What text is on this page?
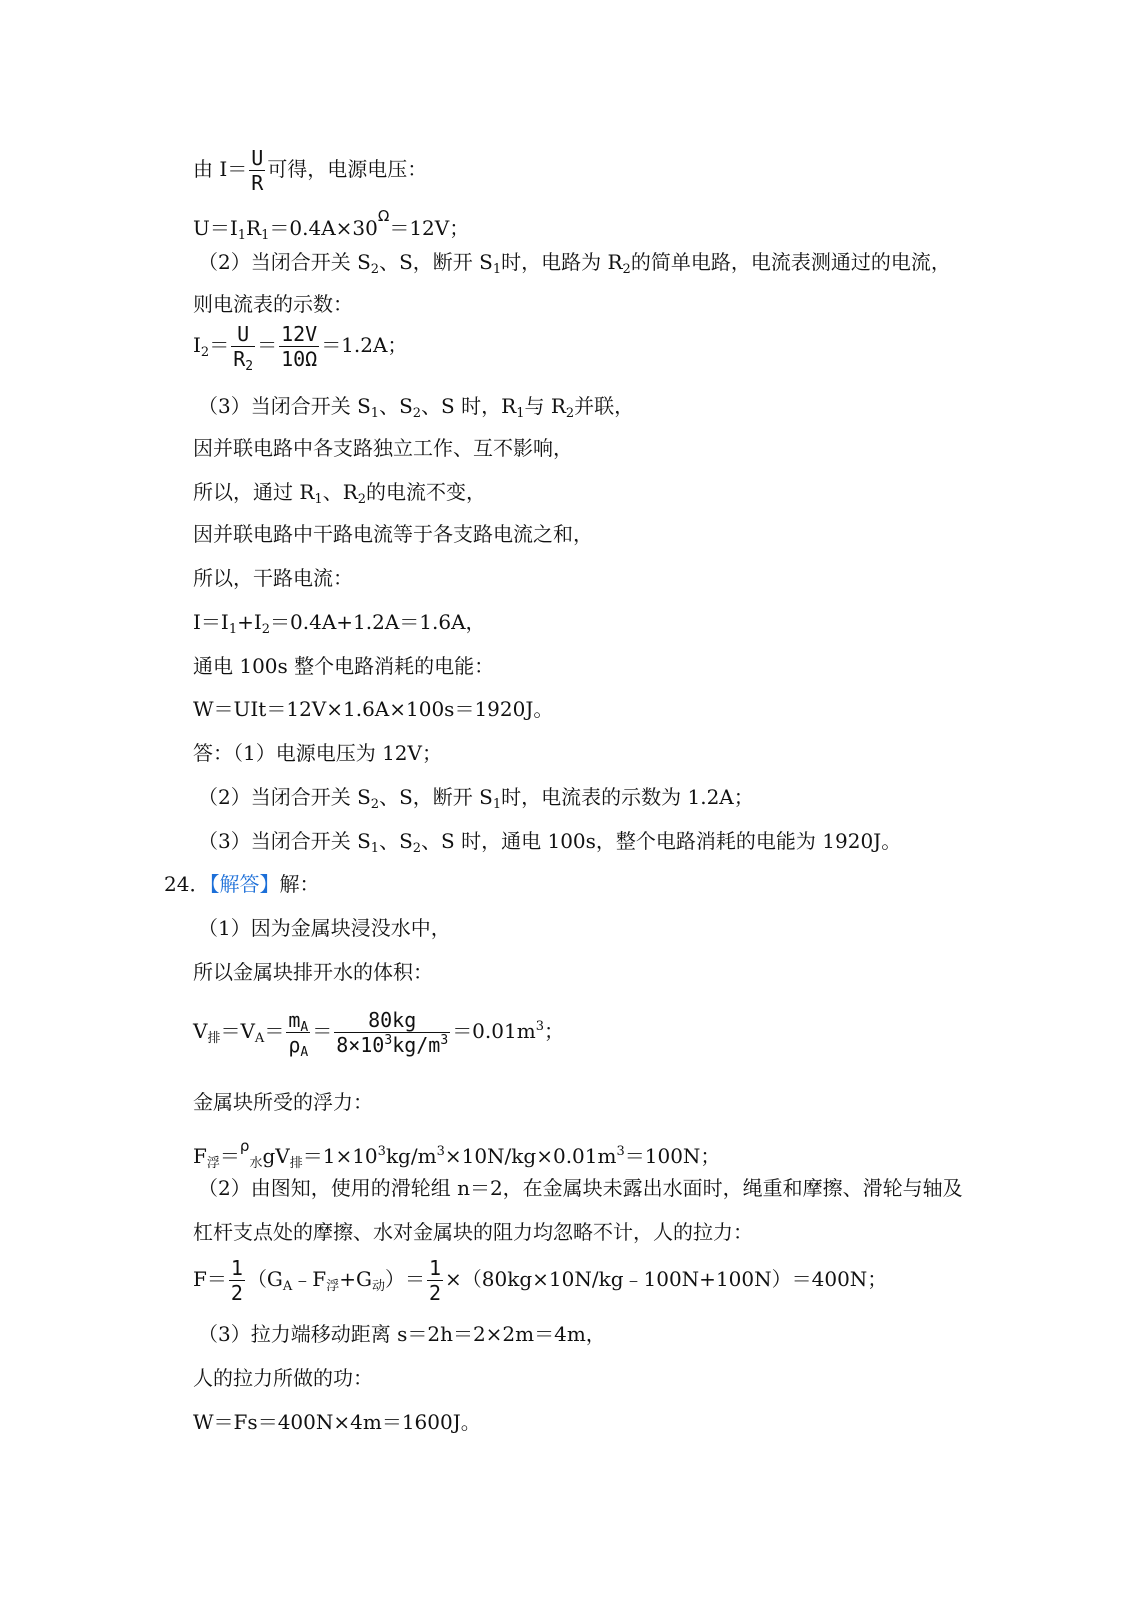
由 $I= \frac{U}{R}$ 可得，电源电压：
$U=I_1R_1=0.4A\times 30^\Omega=12V$；
（2）当闭合开关 $S_2$、S，断开 $S_1$时，电路为 $R_2$的简单电路，电流表测通过的电流，
则电流表的示数：
$I_2= \frac{U}{R_2} = \frac{12V}{10\Omega} =1.2A$；
（3）当闭合开关 $S_1$、$S_2$、S 时，$R_1$与 $R_2$并联，
因并联电路中各支路独立工作、互不影响，
所以，通过 $R_1$、$R_2$的电流不变，
因并联电路中干路电流等于各支路电流之和，
所以，干路电流：
$I=I_1+I_2=0.4A+1.2A=1.6A$，
通电 100s 整个电路消耗的电能：
W＝UIt＝12V×1.6A×100s＝1920J。
答：（1）电源电压为 12V；
（2）当闭合开关 $S_2$、S，断开 $S_1$时，电流表的示数为 1.2A；
（3）当闭合开关 $S_1$、$S_2$、S 时，通电 100s，整个电路消耗的电能为 1920J。
24．【解答】解：
（1）因为金属块浸没水中，
所以金属块排开水的体积：
$V_排=V_A= \frac{m_A}{\rho_A} = \frac{80kg}{8\times 10^3kg/m^3} =0.01m^3$；
金属块所受的浮力：
$F_浮=^\rho_水gV_排=1\times 10^3kg/m^3\times 10N/kg\times 0.01m^3=100N$；
（2）由图知，使用的滑轮组 n＝2，在金属块未露出水面时，绳重和摩擦、滑轮与轴及
杠杆支点处的摩擦、水对金属块的阻力均忽略不计，人的拉力：
$F= \frac{1}{2}$ $(G_A﹣F_浮+G_动)= \frac{1}{2}$ ×（80kg×10N/kg﹣100N+100N）＝400N；
（3）拉力端移动距离 s＝2h＝2×2m＝4m，
人的拉力所做的功：
W＝Fs＝400N×4m＝1600J。
